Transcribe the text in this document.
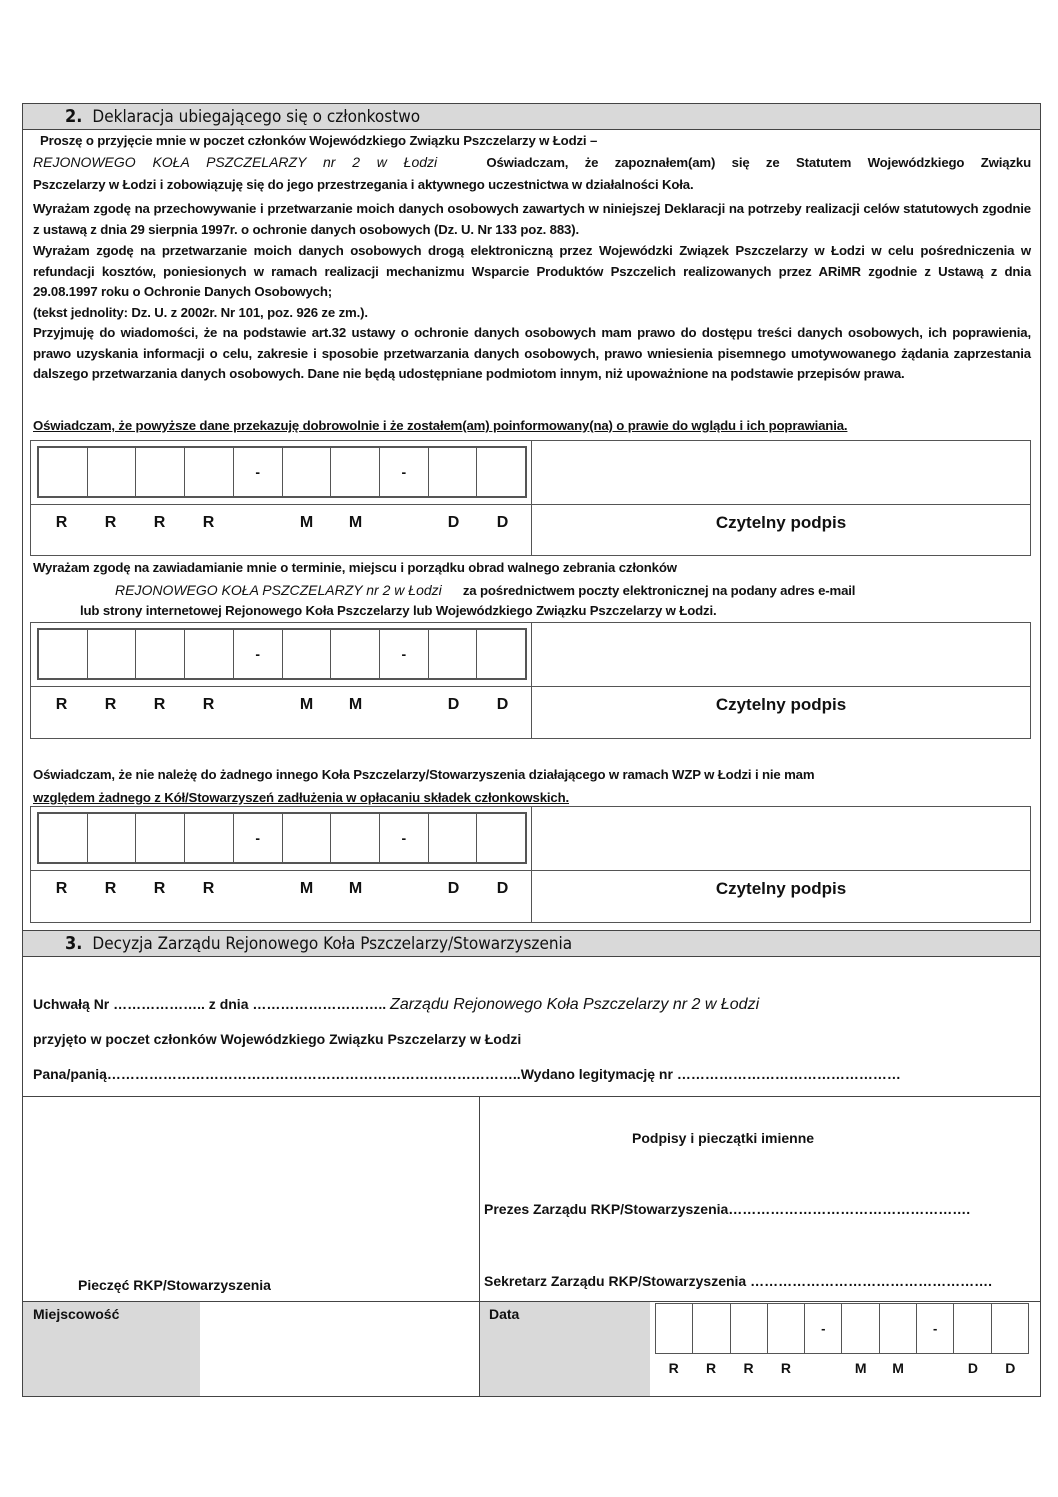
2. Deklaracja ubiegającego się o członkostwo
Proszę o przyjęcie mnie w poczet członków Wojewódzkiego Związku Pszczelarzy w Łodzi –
REJONOWEGO KOŁA PSZCZELARZY nr 2 w Łodzi	Oświadczam, że zapoznałem(am) się ze Statutem Wojewódzkiego Związku
Pszczelarzy w Łodzi i zobowiązuję się do jego przestrzegania i aktywnego uczestnictwa w działalności Koła.
Wyrażam zgodę na przechowywanie i przetwarzanie moich danych osobowych zawartych w niniejszej Deklaracji na potrzeby realizacji celów statutowych zgodnie z ustawą z dnia 29 sierpnia 1997r. o ochronie danych osobowych (Dz. U. Nr 133 poz. 883).
Wyrażam zgodę na przetwarzanie moich danych osobowych drogą elektroniczną przez Wojewódzki Związek Pszczelarzy w Łodzi w celu pośredniczenia w refundacji kosztów, poniesionych w ramach realizacji mechanizmu Wsparcie Produktów Pszczelich realizowanych przez ARiMR zgodnie z Ustawą z dnia 29.08.1997 roku o Ochronie Danych Osobowych;
(tekst jednolity: Dz. U. z 2002r. Nr 101, poz. 926 ze zm.).
Przyjmuję do wiadomości, że na podstawie art.32 ustawy o ochronie danych osobowych mam prawo do dostępu treści danych osobowych, ich poprawienia, prawo uzyskania informacji o celu, zakresie i sposobie przetwarzania danych osobowych, prawo wniesienia pisemnego umotywowanego żądania zaprzestania dalszego przetwarzania danych osobowych. Dane nie będą udostępniane podmiotom innym, niż upoważnione na podstawie przepisów prawa.
Oświadczam, że powyższe dane przekazuję dobrowolnie i że zostałem(am) poinformowany(na) o prawie do wglądu i ich poprawiania.
-	-
R	R	R	R	M	M	D	D	Czytelny podpis
Wyrażam zgodę na zawiadamianie mnie o terminie, miejscu i porządku obrad walnego zebrania członków
REJONOWEGO KOŁA PSZCZELARZY nr 2 w Łodzi za pośrednictwem poczty elektronicznej na podany adres e-mail
lub strony internetowej Rejonowego Koła Pszczelarzy lub Wojewódzkiego Związku Pszczelarzy w Łodzi.
-	-
R	R	R	R	M	M	D	D	Czytelny podpis
Oświadczam, że nie należę do żadnego innego Koła Pszczelarzy/Stowarzyszenia działającego w ramach WZP w Łodzi i nie mam
względem żadnego z Kół/Stowarzyszeń zadłużenia w opłacaniu składek członkowskich.
-	-
R	R	R	R	M	M	D	D	Czytelny podpis
3. Decyzja Zarządu Rejonowego Koła Pszczelarzy/Stowarzyszenia
Uchwałą Nr ……………….. z dnia ……………………….. Zarządu Rejonowego Koła Pszczelarzy nr 2 w Łodzi
przyjęto w poczet członków Wojewódzkiego Związku Pszczelarzy w Łodzi
Pana/panią……………………………………………………………………………..Wydano legitymację nr …………………………………………
Pieczęć RKP/Stowarzyszenia
Podpisy i pieczątki imienne
Prezes Zarządu RKP/Stowarzyszenia…………………………………………….
Sekretarz Zarządu RKP/Stowarzyszenia …………………………………………….
Miejscowość	Data
-	-
R	R	R	R	M	M	D	D
